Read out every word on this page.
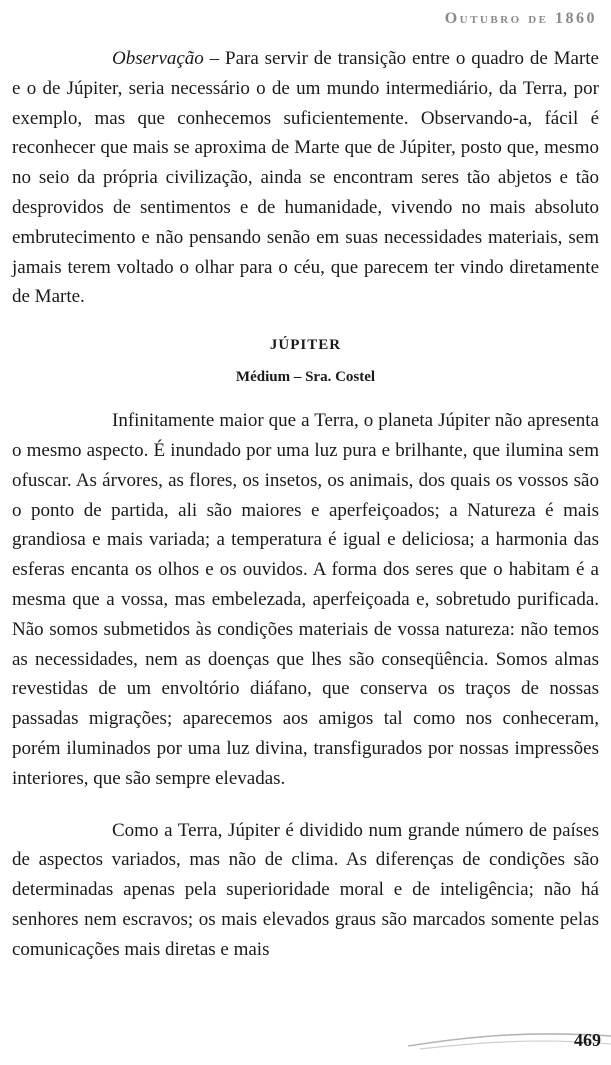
Outubro de 1860

Observação – Para servir de transição entre o quadro de Marte e o de Júpiter, seria necessário o de um mundo intermediário, da Terra, por exemplo, mas que conhecemos suficientemente. Observando-a, fácil é reconhecer que mais se aproxima de Marte que de Júpiter, posto que, mesmo no seio da própria civilização, ainda se encontram seres tão abjetos e tão desprovidos de sentimentos e de humanidade, vivendo no mais absoluto embrutecimento e não pensando senão em suas necessidades materiais, sem jamais terem voltado o olhar para o céu, que parecem ter vindo diretamente de Marte.

JÚPITER

Médium – Sra. Costel

Infinitamente maior que a Terra, o planeta Júpiter não apresenta o mesmo aspecto. É inundado por uma luz pura e brilhante, que ilumina sem ofuscar. As árvores, as flores, os insetos, os animais, dos quais os vossos são o ponto de partida, ali são maiores e aperfeiçoados; a Natureza é mais grandiosa e mais variada; a temperatura é igual e deliciosa; a harmonia das esferas encanta os olhos e os ouvidos. A forma dos seres que o habitam é a mesma que a vossa, mas embelezada, aperfeiçoada e, sobretudo purificada. Não somos submetidos às condições materiais de vossa natureza: não temos as necessidades, nem as doenças que lhes são conseqüência. Somos almas revestidas de um envoltório diáfano, que conserva os traços de nossas passadas migrações; aparecemos aos amigos tal como nos conheceram, porém iluminados por uma luz divina, transfigurados por nossas impressões interiores, que são sempre elevadas.

Como a Terra, Júpiter é dividido num grande número de países de aspectos variados, mas não de clima. As diferenças de condições são determinadas apenas pela superioridade moral e de inteligência; não há senhores nem escravos; os mais elevados graus são marcados somente pelas comunicações mais diretas e mais

469
